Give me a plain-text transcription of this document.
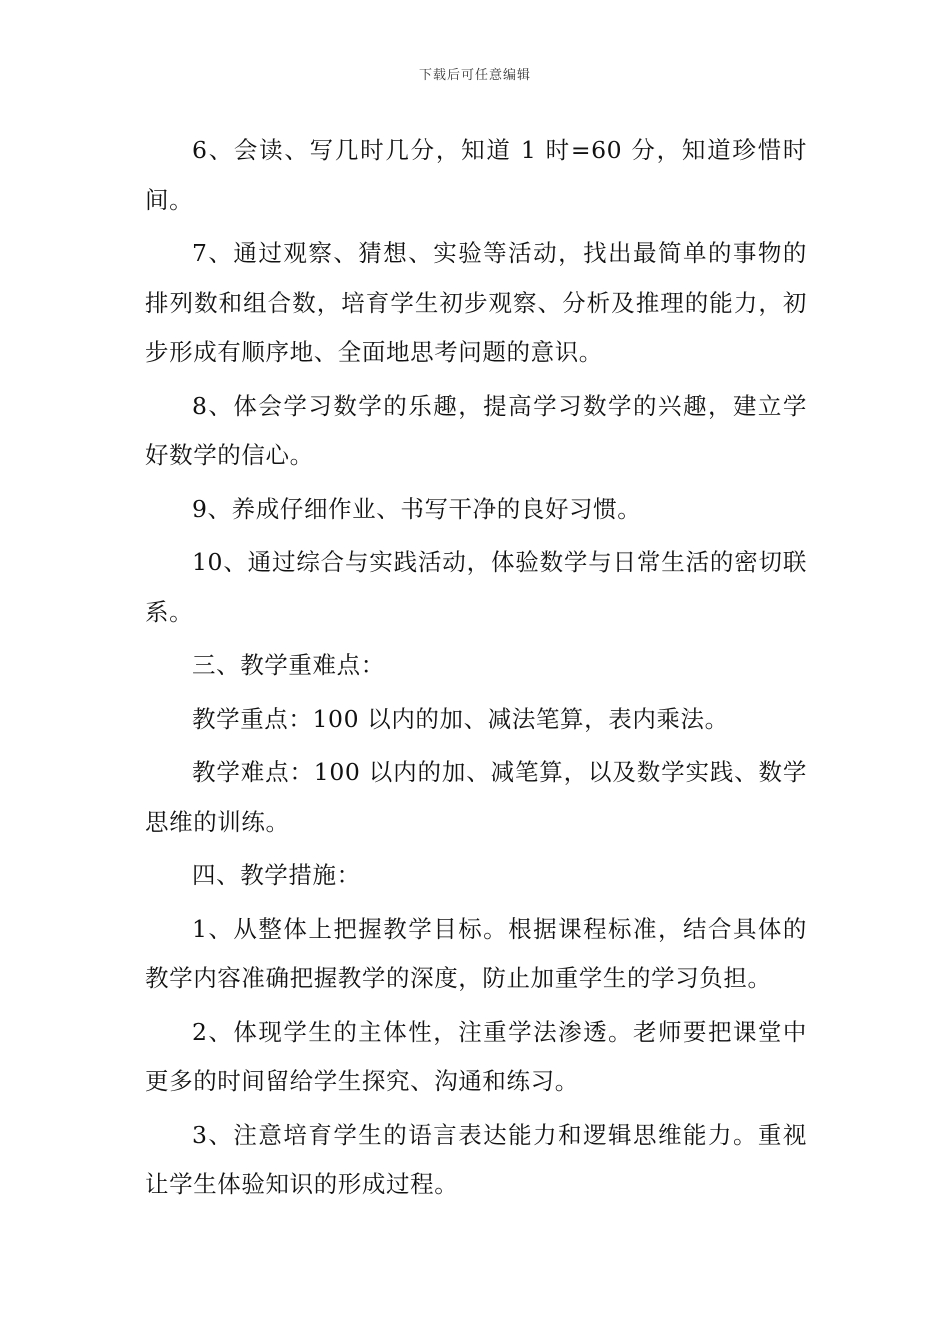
下载后可任意编辑

6、会读、写几时几分，知道 1 时=60 分，知道珍惜时间。

7、通过观察、猜想、实验等活动，找出最简单的事物的排列数和组合数，培育学生初步观察、分析及推理的能力，初步形成有顺序地、全面地思考问题的意识。

8、体会学习数学的乐趣，提高学习数学的兴趣，建立学好数学的信心。

9、养成仔细作业、书写干净的良好习惯。

10、通过综合与实践活动，体验数学与日常生活的密切联系。

三、教学重难点：

教学重点：100 以内的加、减法笔算，表内乘法。

教学难点：100 以内的加、减笔算，以及数学实践、数学思维的训练。

四、教学措施：

1、从整体上把握教学目标。根据课程标准，结合具体的教学内容准确把握教学的深度，防止加重学生的学习负担。

2、体现学生的主体性，注重学法渗透。老师要把课堂中更多的时间留给学生探究、沟通和练习。

3、注意培育学生的语言表达能力和逻辑思维能力。重视让学生体验知识的形成过程。
